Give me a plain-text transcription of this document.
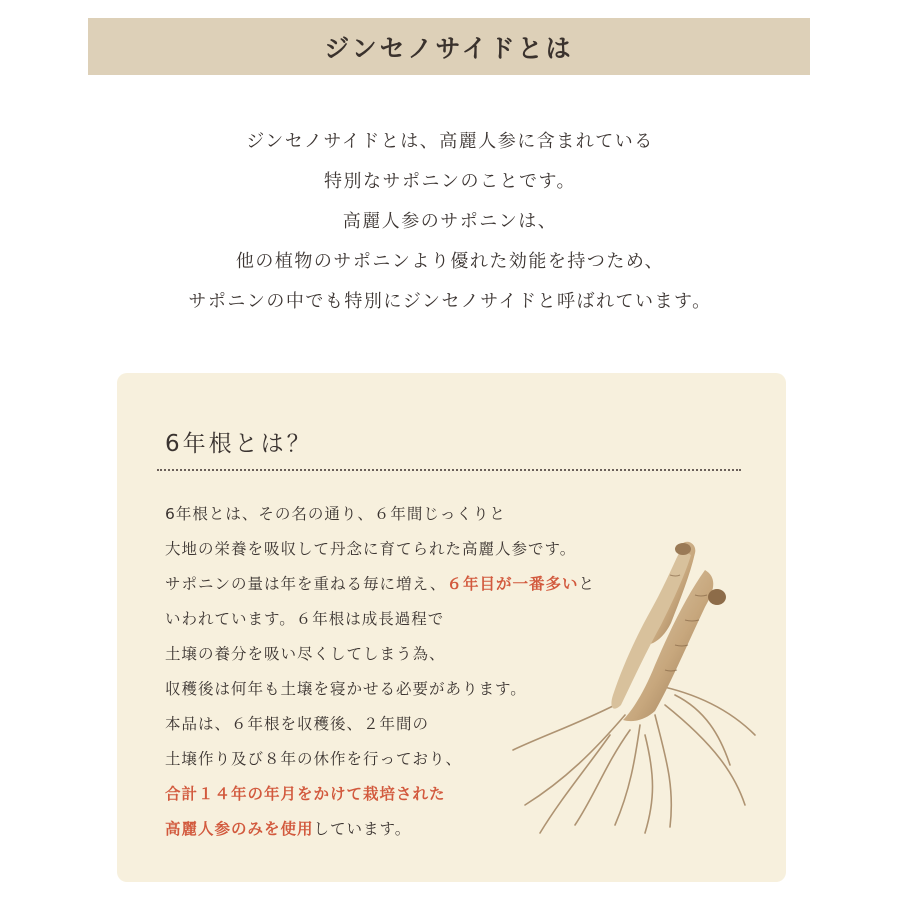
ジンセノサイドとは

ジンセノサイドとは、高麗人参に含まれている

特別なサポニンのことです。

高麗人参のサポニンは、

他の植物のサポニンより優れた効能を持つため、

サポニンの中でも特別にジンセノサイドと呼ばれています。

6年根とは？

6年根とは、その名の通り、６年間じっくりと

大地の栄養を吸収して丹念に育てられた高麗人参です。

サポニンの量は年を重ねる毎に増え、６年目が一番多いと

いわれています。６年根は成長過程で

土壌の養分を吸い尽くしてしまう為、

収穫後は何年も土壌を寝かせる必要があります。

本品は、６年根を収穫後、２年間の

土壌作り及び８年の休作を行っており、

合計１４年の年月をかけて栽培された

高麗人参のみを使用しています。
